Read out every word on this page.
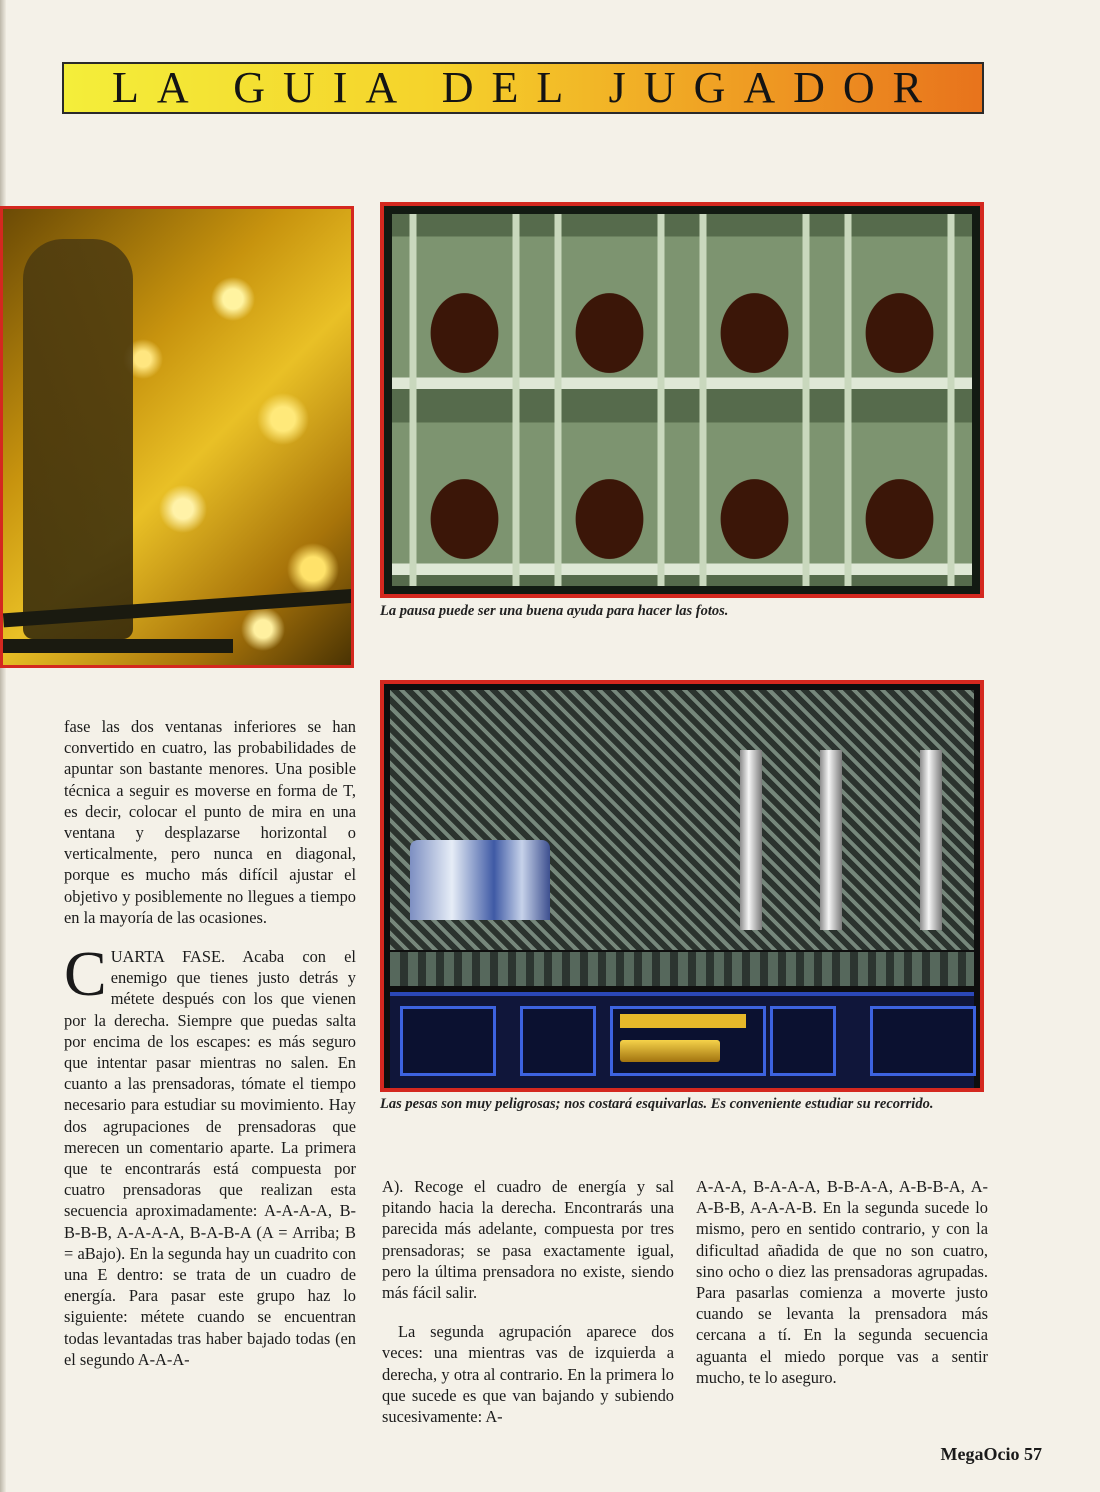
LA GUIA DEL JUGADOR
La pausa puede ser una buena ayuda para hacer las fotos.
Las pesas son muy peligrosas; nos costará esquivarlas. Es conveniente estudiar su recorrido.

fase las dos ventanas inferiores se han convertido en cuatro, las probabilidades de apuntar son bastante menores. Una posible técnica a seguir es moverse en forma de T, es decir, colocar el punto de mira en una ventana y desplazarse horizontal o verticalmente, pero nunca en diagonal, porque es mucho más difícil ajustar el objetivo y posiblemente no llegues a tiempo en la mayoría de las ocasiones.

CUARTA FASE. Acaba con el enemigo que tienes justo detrás y métete después con los que vienen por la derecha. Siempre que puedas salta por encima de los escapes: es más seguro que intentar pasar mientras no salen. En cuanto a las prensadoras, tómate el tiempo necesario para estudiar su movimiento. Hay dos agrupaciones de prensadoras que merecen un comentario aparte. La primera que te encontrarás está compuesta por cuatro prensadoras que realizan esta secuencia aproximadamente: A-A-A-A, B-B-B-B, A-A-A-A, B-A-B-A (A = Arriba; B = aBajo). En la segunda hay un cuadrito con una E dentro: se trata de un cuadro de energía. Para pasar este grupo haz lo siguiente: métete cuando se encuentran todas levantadas tras haber bajado todas (en el segundo A-A-A-

A). Recoge el cuadro de energía y sal pitando hacia la derecha. Encontrarás una parecida más adelante, compuesta por tres prensadoras; se pasa exactamente igual, pero la última prensadora no existe, siendo más fácil salir.

La segunda agrupación aparece dos veces: una mientras vas de izquierda a derecha, y otra al contrario. En la primera lo que sucede es que van bajando y subiendo sucesivamente: A-

A-A-A, B-A-A-A, B-B-A-A, A-B-B-A, A-A-B-B, A-A-A-B. En la segunda sucede lo mismo, pero en sentido contrario, y con la dificultad añadida de que no son cuatro, sino ocho o diez las prensadoras agrupadas. Para pasarlas comienza a moverte justo cuando se levanta la prensadora más cercana a tí. En la segunda secuencia aguanta el miedo porque vas a sentir mucho, te lo aseguro.

MegaOcio 57
